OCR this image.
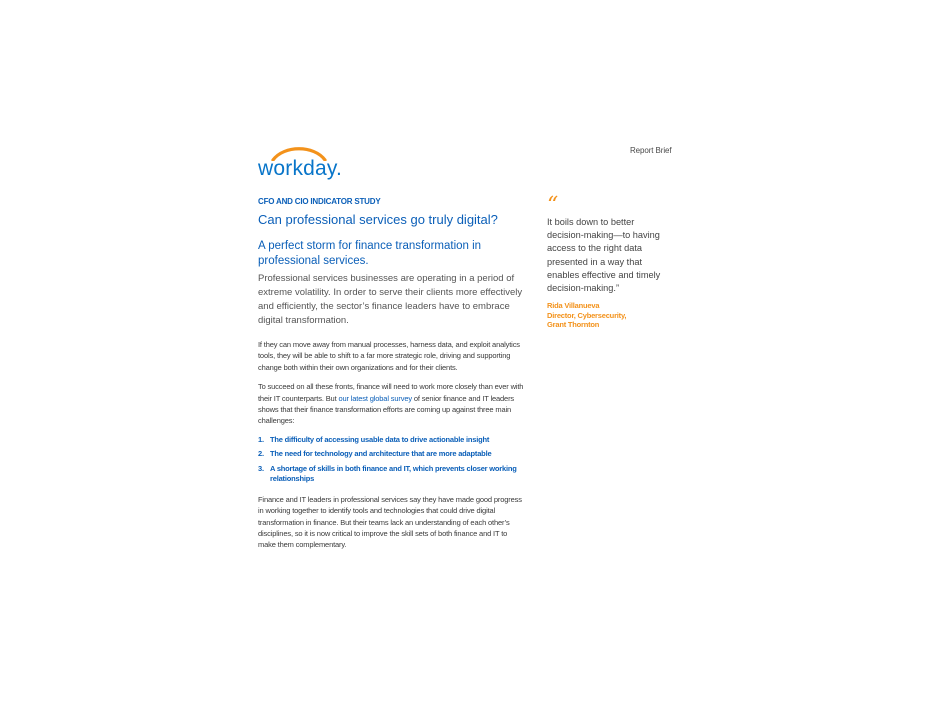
Report Brief
workday.
CFO AND CIO INDICATOR STUDY
Can professional services go truly digital?
A perfect storm for finance transformation in professional services.
Professional services businesses are operating in a period of extreme volatility. In order to serve their clients more effectively and efficiently, the sector’s finance leaders have to embrace digital transformation.
If they can move away from manual processes, harness data, and exploit analytics tools, they will be able to shift to a far more strategic role, driving and supporting change both within their own organizations and for their clients.
To succeed on all these fronts, finance will need to work more closely than ever with their IT counterparts. But our latest global survey of senior finance and IT leaders shows that their finance transformation efforts are coming up against three main challenges:
1. The difficulty of accessing usable data to drive actionable insight
2. The need for technology and architecture that are more adaptable
3. A shortage of skills in both finance and IT, which prevents closer working relationships
Finance and IT leaders in professional services say they have made good progress in working together to identify tools and technologies that could drive digital transformation in finance. But their teams lack an understanding of each other’s disciplines, so it is now critical to improve the skill sets of both finance and IT to make them complementary.
“
It boils down to better decision-making—to having access to the right data presented in a way that enables effective and timely decision-making.”
Rida Villanueva
Director, Cybersecurity,
Grant Thornton
